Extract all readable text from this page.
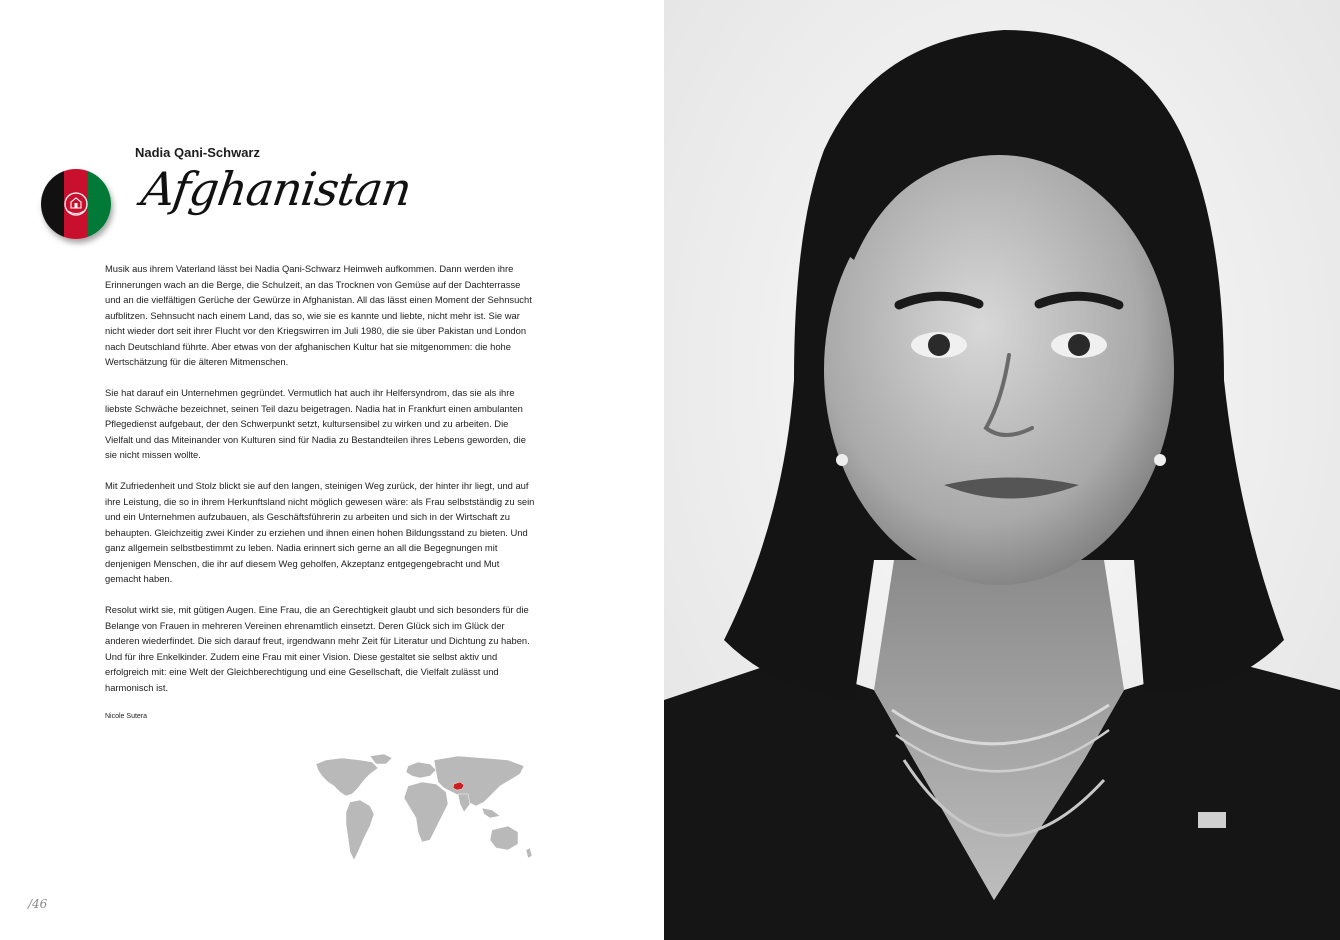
Nadia Qani-Schwarz
Afghanistan

Musik aus ihrem Vaterland lässt bei Nadia Qani-Schwarz Heimweh aufkommen. Dann werden ihre Erinnerungen wach an die Berge, die Schulzeit, an das Trocknen von Gemüse auf der Dachterrasse und an die vielfältigen Gerüche der Gewürze in Afghanistan. All das lässt einen Moment der Sehnsucht aufblitzen. Sehnsucht nach einem Land, das so, wie sie es kannte und liebte, nicht mehr ist. Sie war nicht wieder dort seit ihrer Flucht vor den Kriegswirren im Juli 1980, die sie über Pakistan und London nach Deutschland führte. Aber etwas von der afghanischen Kultur hat sie mitgenommen: die hohe Wertschätzung für die älteren Mitmenschen.

Sie hat darauf ein Unternehmen gegründet. Vermutlich hat auch ihr Helfersyndrom, das sie als ihre liebste Schwäche bezeichnet, seinen Teil dazu beigetragen. Nadia hat in Frankfurt einen ambulanten Pflegedienst aufgebaut, der den Schwerpunkt setzt, kultursensibel zu wirken und zu arbeiten. Die Vielfalt und das Miteinander von Kulturen sind für Nadia zu Bestandteilen ihres Lebens geworden, die sie nicht missen wollte.

Mit Zufriedenheit und Stolz blickt sie auf den langen, steinigen Weg zurück, der hinter ihr liegt, und auf ihre Leistung, die so in ihrem Herkunftsland nicht möglich gewesen wäre: als Frau selbstständig zu sein und ein Unternehmen aufzubauen, als Geschäftsführerin zu arbeiten und sich in der Wirtschaft zu behaupten. Gleichzeitig zwei Kinder zu erziehen und ihnen einen hohen Bildungsstand zu bieten. Und ganz allgemein selbstbestimmt zu leben. Nadia erinnert sich gerne an all die Begegnungen mit denjenigen Menschen, die ihr auf diesem Weg geholfen, Akzeptanz entgegengebracht und Mut gemacht haben.

Resolut wirkt sie, mit gütigen Augen. Eine Frau, die an Gerechtigkeit glaubt und sich besonders für die Belange von Frauen in mehreren Vereinen ehrenamtlich einsetzt. Deren Glück sich im Glück der anderen wiederfindet. Die sich darauf freut, irgendwann mehr Zeit für Literatur und Dichtung zu haben. Und für ihre Enkelkinder. Zudem eine Frau mit einer Vision. Diese gestaltet sie selbst aktiv und erfolgreich mit: eine Welt der Gleichberechtigung und eine Gesellschaft, die Vielfalt zulässt und harmonisch ist.

Nicole Sutera
/46
